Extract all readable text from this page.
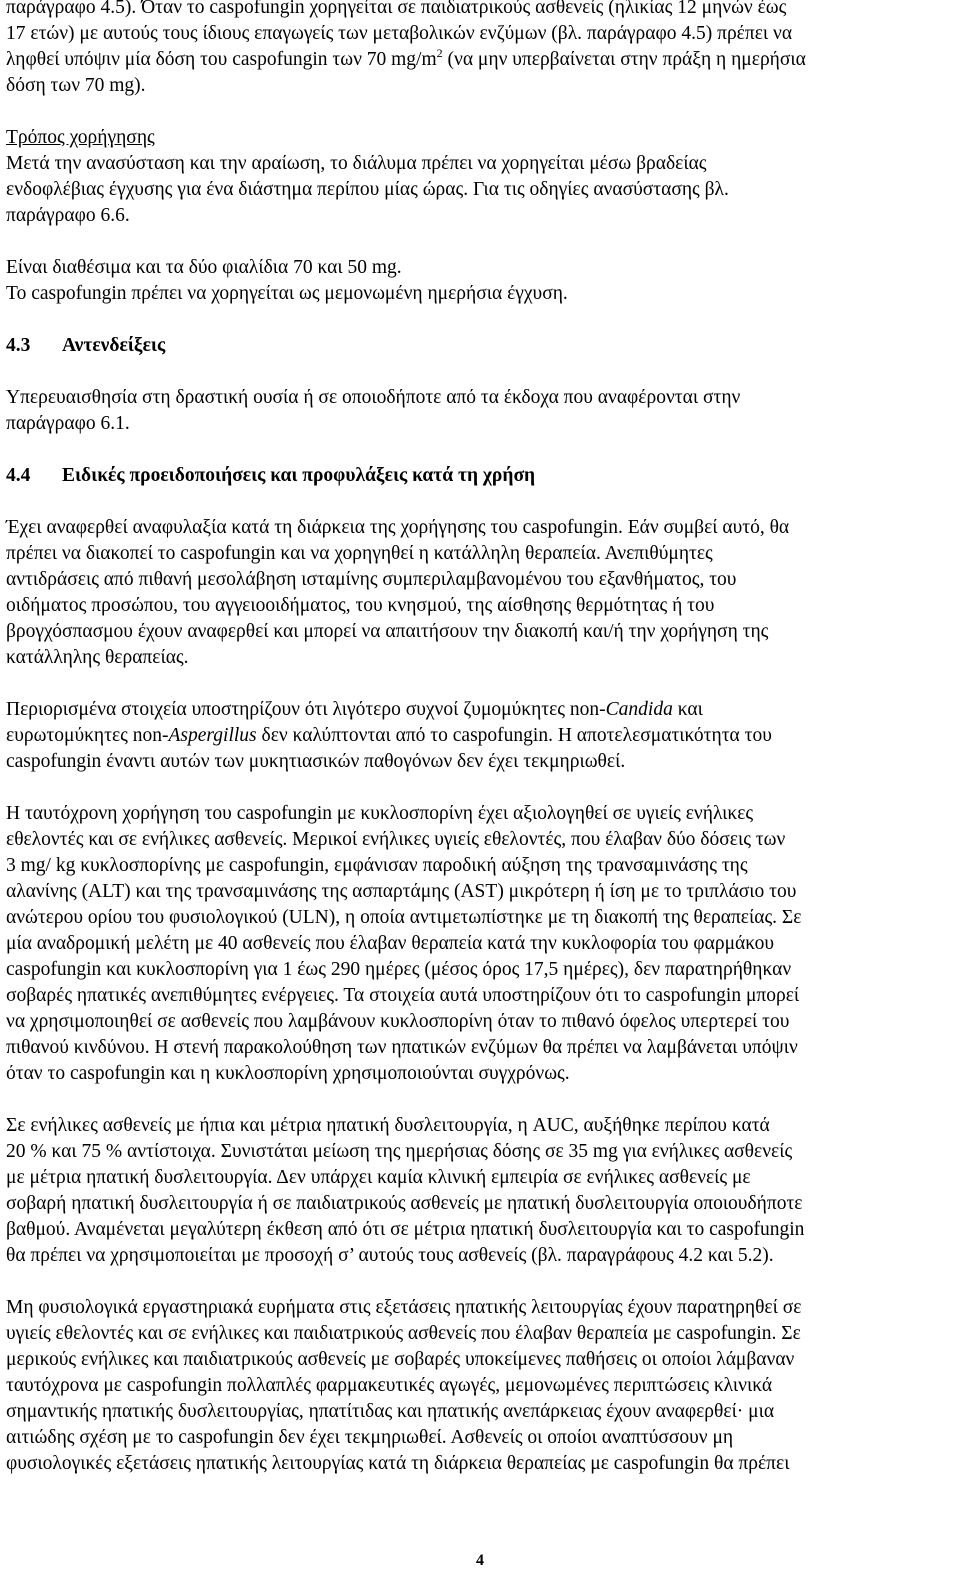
παράγραφο 4.5). Όταν το caspofungin χορηγείται σε παιδιατρικούς ασθενείς (ηλικίας 12 μηνών έως
17 ετών) με αυτούς τους ίδιους επαγωγείς των μεταβολικών ενζύμων (βλ. παράγραφο 4.5) πρέπει να
ληφθεί υπόψιν μία δόση του caspofungin των 70 $mg/m^2$ (να μην υπερβαίνεται στην πράξη η ημερήσια
δόση των 70 mg).
Τρόπος χορήγησης
Μετά την ανασύσταση και την αραίωση, το διάλυμα πρέπει να χορηγείται μέσω βραδείας
ενδοφλέβιας έγχυσης για ένα διάστημα περίπου μίας ώρας. Για τις οδηγίες ανασύστασης βλ.
παράγραφο 6.6.
Είναι διαθέσιμα και τα δύο φιαλίδια 70 και 50 mg.
Το caspofungin πρέπει να χορηγείται ως μεμονωμένη ημερήσια έγχυση.
4.3 Αντενδείξεις
Υπερευαισθησία στη δραστική ουσία ή σε οποιοδήποτε από τα έκδοχα που αναφέρονται στην
παράγραφο 6.1.
4.4 Ειδικές προειδοποιήσεις και προφυλάξεις κατά τη χρήση
Έχει αναφερθεί αναφυλαξία κατά τη διάρκεια της χορήγησης του caspofungin. Εάν συμβεί αυτό, θα
πρέπει να διακοπεί το caspofungin και να χορηγηθεί η κατάλληλη θεραπεία. Ανεπιθύμητες
αντιδράσεις από πιθανή μεσολάβηση ισταμίνης συμπεριλαμβανομένου του εξανθήματος, του
οιδήματος προσώπου, του αγγειοοιδήματος, του κνησμού, της αίσθησης θερμότητας ή του
βρογχόσπασμου έχουν αναφερθεί και μπορεί να απαιτήσουν την διακοπή και/ή την χορήγηση της
κατάλληλης θεραπείας.
Περιορισμένα στοιχεία υποστηρίζουν ότι λιγότερο συχνοί ζυμομύκητες non-Candida και
ευρωτομύκητες non-Aspergillus δεν καλύπτονται από το caspofungin. Η αποτελεσματικότητα του
caspofungin έναντι αυτών των μυκητιασικών παθογόνων δεν έχει τεκμηριωθεί.
Η ταυτόχρονη χορήγηση του caspofungin με κυκλοσπορίνη έχει αξιολογηθεί σε υγιείς ενήλικες
εθελοντές και σε ενήλικες ασθενείς. Μερικοί ενήλικες υγιείς εθελοντές, που έλαβαν δύο δόσεις των
3 mg/ kg κυκλοσπορίνης με caspofungin, εμφάνισαν παροδική αύξηση της τρανσαμινάσης της
αλανίνης (ALT) και της τρανσαμινάσης της ασπαρτάμης (AST) μικρότερη ή ίση με το τριπλάσιο του
ανώτερου ορίου του φυσιολογικού (ULN), η οποία αντιμετωπίστηκε με τη διακοπή της θεραπείας. Σε
μία αναδρομική μελέτη με 40 ασθενείς που έλαβαν θεραπεία κατά την κυκλοφορία του φαρμάκου
caspofungin και κυκλοσπορίνη για 1 έως 290 ημέρες (μέσος όρος 17,5 ημέρες), δεν παρατηρήθηκαν
σοβαρές ηπατικές ανεπιθύμητες ενέργειες. Τα στοιχεία αυτά υποστηρίζουν ότι το caspofungin μπορεί
να χρησιμοποιηθεί σε ασθενείς που λαμβάνουν κυκλοσπορίνη όταν το πιθανό όφελος υπερτερεί του
πιθανού κινδύνου. Η στενή παρακολούθηση των ηπατικών ενζύμων θα πρέπει να λαμβάνεται υπόψιν
όταν το caspofungin και η κυκλοσπορίνη χρησιμοποιούνται συγχρόνως.
Σε ενήλικες ασθενείς με ήπια και μέτρια ηπατική δυσλειτουργία, η AUC, αυξήθηκε περίπου κατά
20 % και 75 % αντίστοιχα. Συνιστάται μείωση της ημερήσιας δόσης σε 35 mg για ενήλικες ασθενείς
με μέτρια ηπατική δυσλειτουργία. Δεν υπάρχει καμία κλινική εμπειρία σε ενήλικες ασθενείς με
σοβαρή ηπατική δυσλειτουργία ή σε παιδιατρικούς ασθενείς με ηπατική δυσλειτουργία οποιουδήποτε
βαθμού. Αναμένεται μεγαλύτερη έκθεση από ότι σε μέτρια ηπατική δυσλειτουργία και το caspofungin
θα πρέπει να χρησιμοποιείται με προσοχή σ’ αυτούς τους ασθενείς (βλ. παραγράφους 4.2 και 5.2).
Μη φυσιολογικά εργαστηριακά ευρήματα στις εξετάσεις ηπατικής λειτουργίας έχουν παρατηρηθεί σε
υγιείς εθελοντές και σε ενήλικες και παιδιατρικούς ασθενείς που έλαβαν θεραπεία με caspofungin. Σε
μερικούς ενήλικες και παιδιατρικούς ασθενείς με σοβαρές υποκείμενες παθήσεις οι οποίοι λάμβαναν
ταυτόχρονα με caspofungin πολλαπλές φαρμακευτικές αγωγές, μεμονωμένες περιπτώσεις κλινικά
σημαντικής ηπατικής δυσλειτουργίας, ηπατίτιδας και ηπατικής ανεπάρκειας έχουν αναφερθεί· μια
αιτιώδης σχέση με το caspofungin δεν έχει τεκμηριωθεί. Ασθενείς οι οποίοι αναπτύσσουν μη
φυσιολογικές εξετάσεις ηπατικής λειτουργίας κατά τη διάρκεια θεραπείας με caspofungin θα πρέπει
4
